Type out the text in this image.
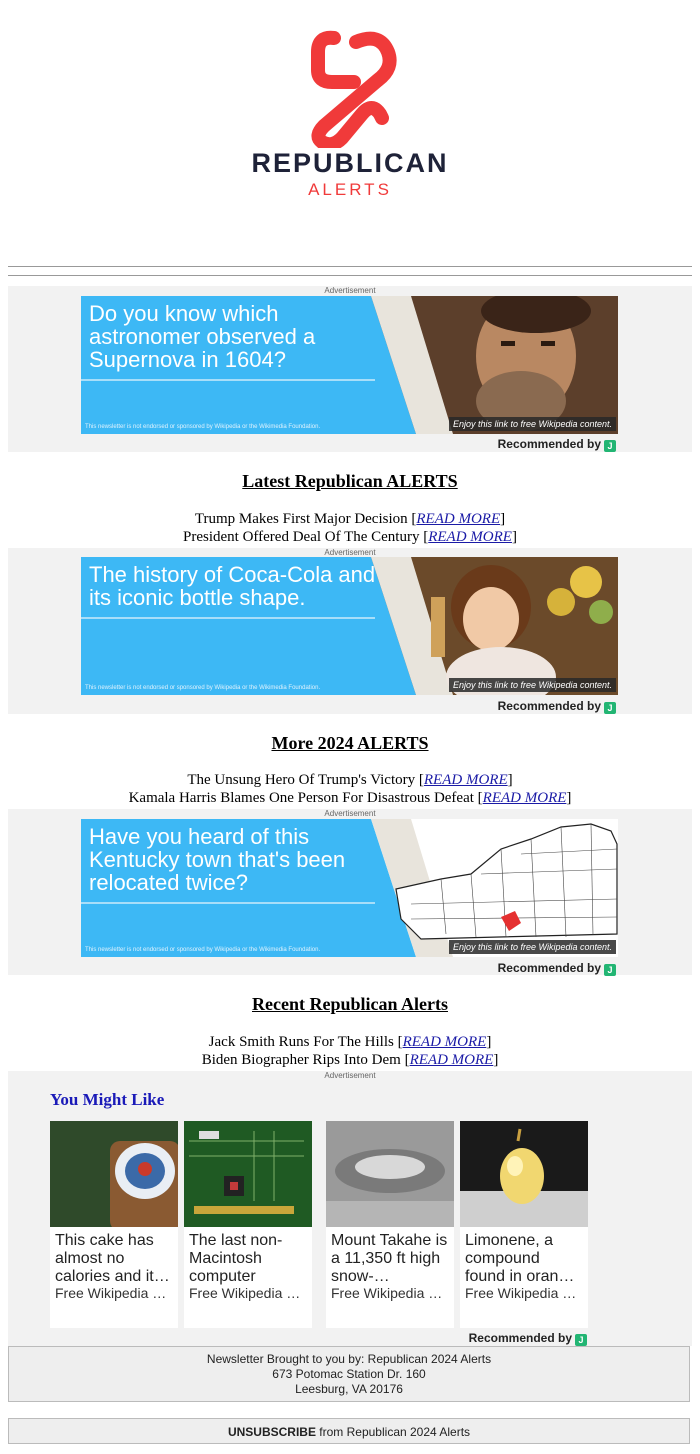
REPUBLICAN
ALERTS
Advertisement
Do you know which astronomer observed a Supernova in 1604?
This newsletter is not endorsed or sponsored by Wikipedia or the Wikimedia Foundation.	Enjoy this link to free Wikipedia content.
Recommended by J
Latest Republican ALERTS
Trump Makes First Major Decision [READ MORE]
President Offered Deal Of The Century [READ MORE]
Advertisement
The history of Coca-Cola and its iconic bottle shape.
This newsletter is not endorsed or sponsored by Wikipedia or the Wikimedia Foundation.	Enjoy this link to free Wikipedia content.
Recommended by J
More 2024 ALERTS
The Unsung Hero Of Trump's Victory [READ MORE]
Kamala Harris Blames One Person For Disastrous Defeat [READ MORE]
Advertisement
Have you heard of this Kentucky town that's been relocated twice?
This newsletter is not endorsed or sponsored by Wikipedia or the Wikimedia Foundation.	Enjoy this link to free Wikipedia content.
Recommended by J
Recent Republican Alerts
Jack Smith Runs For The Hills [READ MORE]
Biden Biographer Rips Into Dem [READ MORE]
Advertisement
You Might Like
This cake has almost no calories and it…
Free Wikipedia c…
The last non-Macintosh computer
Free Wikipedia c…
Mount Takahe is a 11,350 ft high snow-…
Free Wikipedia c…
Limonene, a compound found in oran…
Free Wikipedia c…
Recommended by J
Newsletter Brought to you by: Republican 2024 Alerts
673 Potomac Station Dr. 160
Leesburg, VA 20176
UNSUBSCRIBE from Republican 2024 Alerts
